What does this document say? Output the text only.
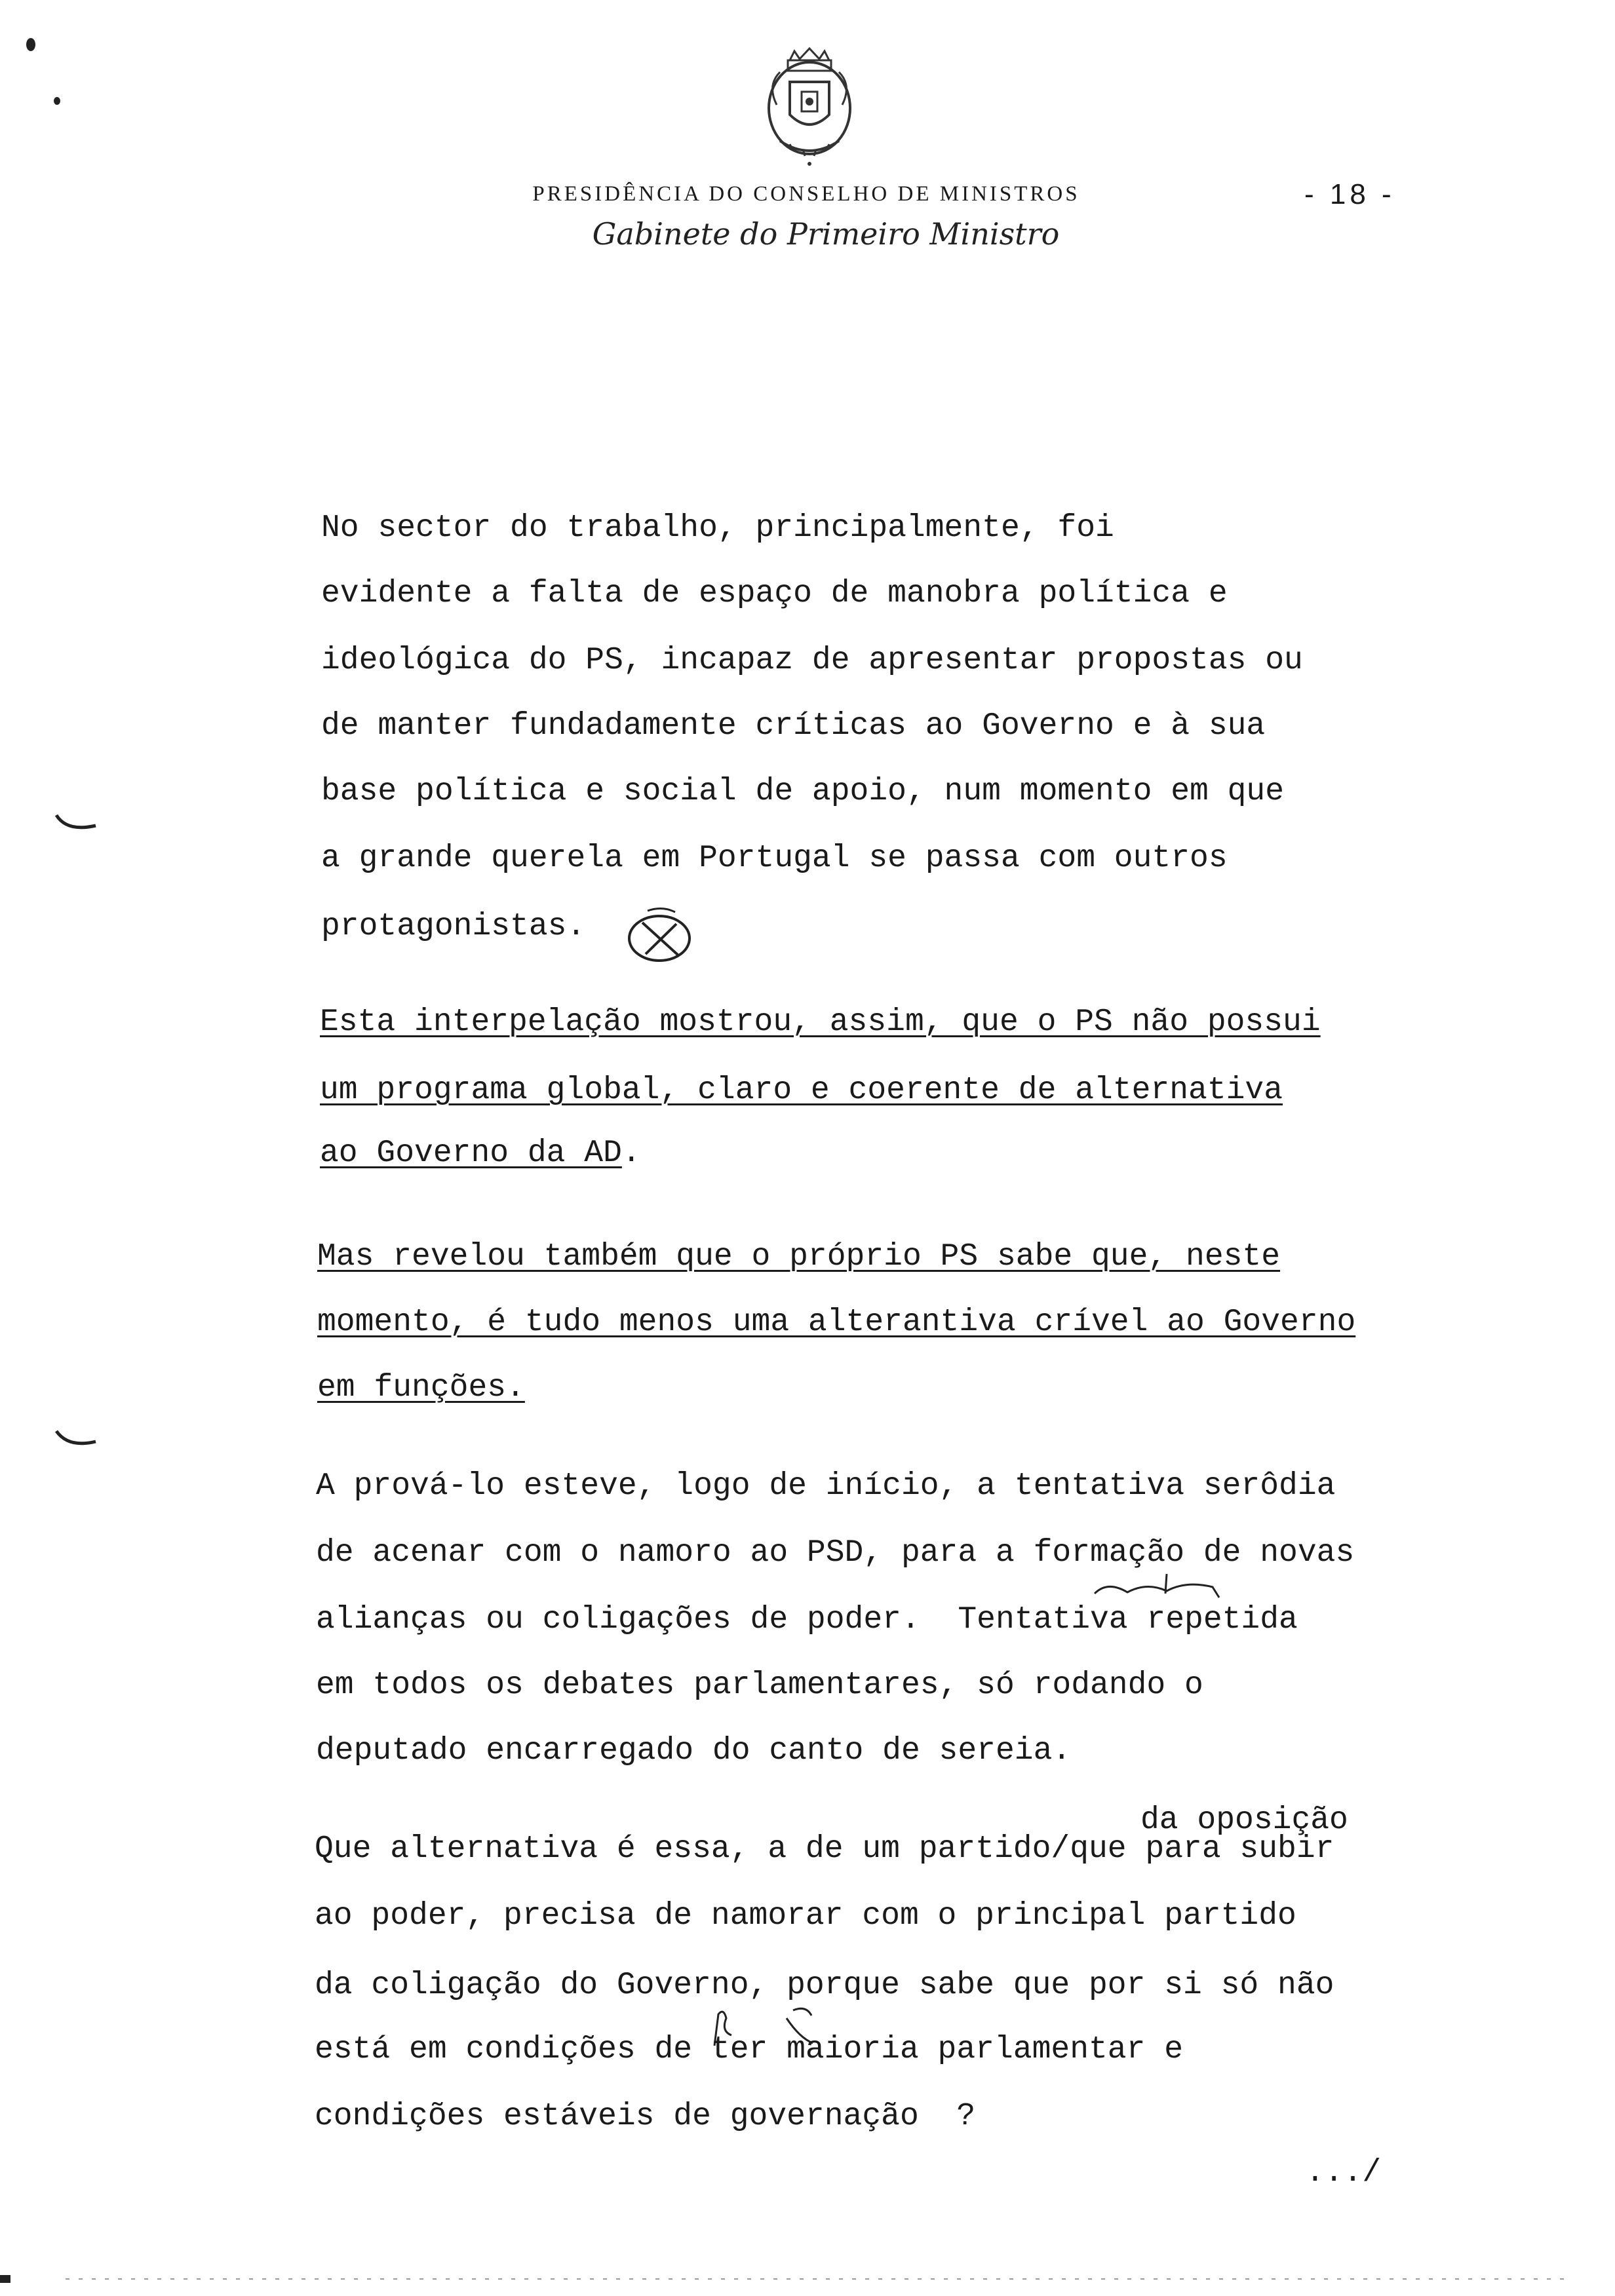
PRESIDÊNCIA DO CONSELHO DE MINISTROS	- 18 -
Gabinete do Primeiro Ministro
No sector do trabalho, principalmente, foi
evidente a falta de espaço de manobra política e
ideológica do PS, incapaz de apresentar propostas ou
de manter fundadamente críticas ao Governo e à sua
base política e social de apoio, num momento em que
a grande querela em Portugal se passa com outros
protagonistas.
Esta interpelação mostrou, assim, que o PS não possui
um programa global, claro e coerente de alternativa
ao Governo da AD.
Mas revelou também que o próprio PS sabe que, neste
momento, é tudo menos uma alterantiva crível ao Governo
em funções.
A prová-lo esteve, logo de início, a tentativa serôdia
de acenar com o namoro ao PSD, para a formação de novas
alianças ou coligações de poder.  Tentativa repetida
em todos os debates parlamentares, só rodando o
deputado encarregado do canto de sereia.
da oposição
Que alternativa é essa, a de um partido/que para subir
ao poder, precisa de namorar com o principal partido
da coligação do Governo, porque sabe que por si só não
está em condições de ter maioria parlamentar e
condições estáveis de governação  ?
.../
